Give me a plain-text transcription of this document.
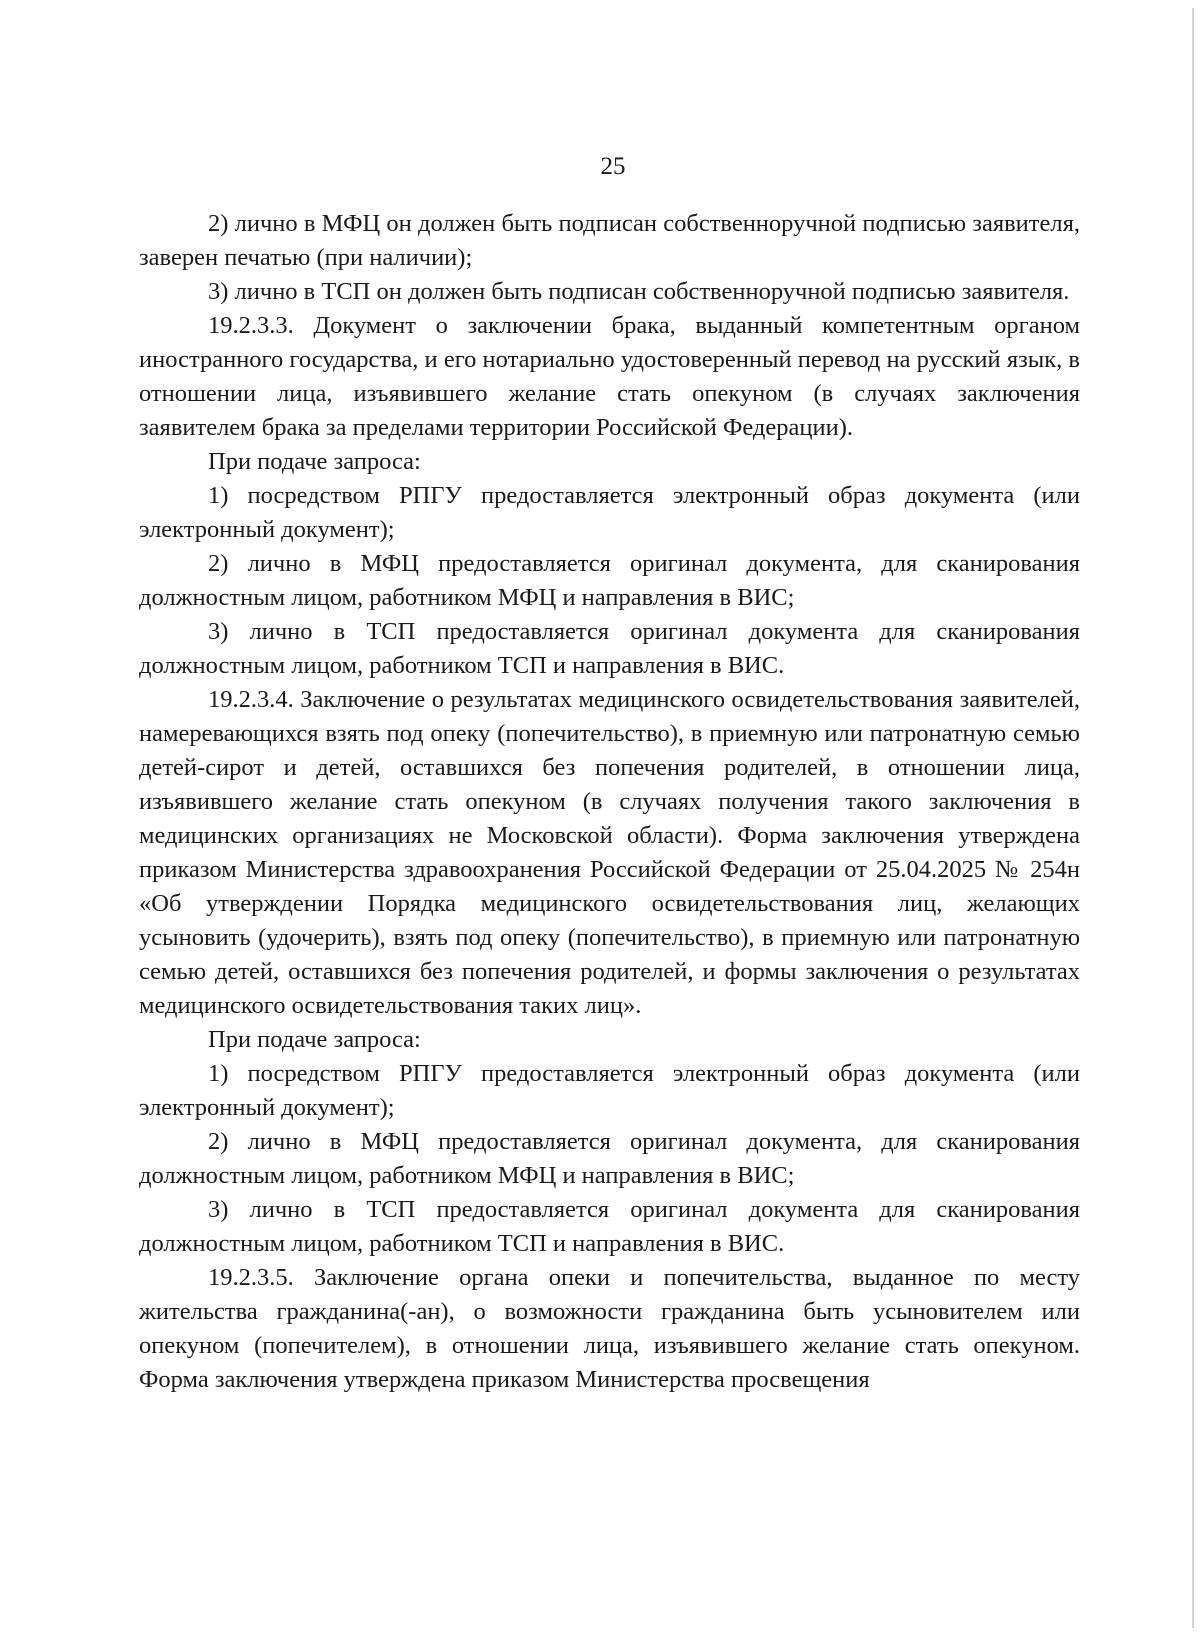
25

2) лично в МФЦ он должен быть подписан собственноручной подписью заявителя, заверен печатью (при наличии);

3) лично в ТСП он должен быть подписан собственноручной подписью заявителя.

19.2.3.3. Документ о заключении брака, выданный компетентным органом иностранного государства, и его нотариально удостоверенный перевод на русский язык, в отношении лица, изъявившего желание стать опекуном (в случаях заключения заявителем брака за пределами территории Российской Федерации).

При подаче запроса:

1) посредством РПГУ предоставляется электронный образ документа (или электронный документ);

2) лично в МФЦ предоставляется оригинал документа, для сканирования должностным лицом, работником МФЦ и направления в ВИС;

3) лично в ТСП предоставляется оригинал документа для сканирования должностным лицом, работником ТСП и направления в ВИС.

19.2.3.4. Заключение о результатах медицинского освидетельствования заявителей, намеревающихся взять под опеку (попечительство), в приемную или патронатную семью детей-сирот и детей, оставшихся без попечения родителей, в отношении лица, изъявившего желание стать опекуном (в случаях получения такого заключения в медицинских организациях не Московской области). Форма заключения утверждена приказом Министерства здравоохранения Российской Федерации от 25.04.2025 № 254н «Об утверждении Порядка медицинского освидетельствования лиц, желающих усыновить (удочерить), взять под опеку (попечительство), в приемную или патронатную семью детей, оставшихся без попечения родителей, и формы заключения о результатах медицинского освидетельствования таких лиц».

При подаче запроса:

1) посредством РПГУ предоставляется электронный образ документа (или электронный документ);

2) лично в МФЦ предоставляется оригинал документа, для сканирования должностным лицом, работником МФЦ и направления в ВИС;

3) лично в ТСП предоставляется оригинал документа для сканирования должностным лицом, работником ТСП и направления в ВИС.

19.2.3.5. Заключение органа опеки и попечительства, выданное по месту жительства гражданина(-ан), о возможности гражданина быть усыновителем или опекуном (попечителем), в отношении лица, изъявившего желание стать опекуном. Форма заключения утверждена приказом Министерства просвещения
